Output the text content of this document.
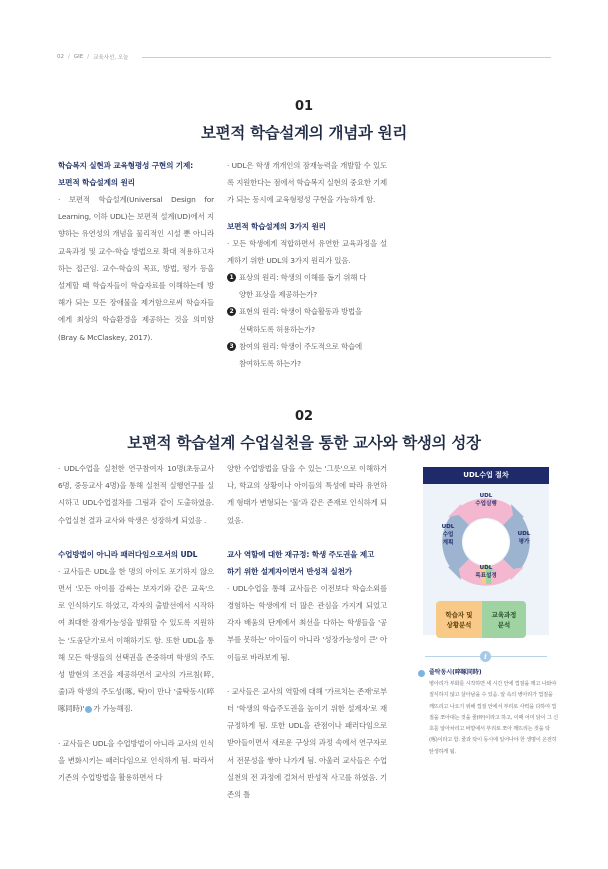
02 / GIE / 교육사선, 오늘
01
보편적 학습설계의 개념과 원리

학습복지 실현과 교육형평성 구현의 기제:

보편적 학습설계의 원리

· 보편적 학습설계(Universal Design for Learning, 이하 UDL)는 보편적 설계(UD)에서 지향하는 유연성의 개념을 물리적인 시설 뿐 아니라 교육과정 및 교수-학습 방법으로 확대 적용하고자 하는 접근임. 교수-학습의 목표, 방법, 평가 등을 설계할 때 학습자들이 학습자료를 이해하는데 방해가 되는 모든 장애물을 제거함으로써 학습자들에게 최상의 학습환경을 제공하는 것을 의미함(Bray & McClaskey, 2017).

· UDL은 학생 개개인의 잠재능력을 개발할 수 있도록 지원한다는 점에서 학습복지 실현의 중요한 기제가 되는 동시에 교육형평성 구현을 가능하게 함.

보편적 학습설계의 3가지 원리

· 모든 학생에게 적합하면서 유연한 교육과정을 설계하기 위한 UDL의 3가지 원리가 있음.

1 표상의 원리: 학생의 이해를 돕기 위해 다
양한 표상을 제공하는가?
2 표현의 원리: 학생이 학습활동과 방법을
선택하도록 허용하는가?
3 참여의 원리: 학생이 주도적으로 학습에
참여하도록 하는가?
02
보편적 학습설계 수업실천을 통한 교사와 학생의 성장

· UDL수업을 실천한 연구참여자 10명(초등교사 6명, 중등교사 4명)을 통해 실천적 실행연구를 실시하고 UDL수업절차를 그림과 같이 도출하였음. 수업실천 결과 교사와 학생은 성장하게 되었음 .

수업방법이 아니라 패러다임으로서의 UDL

· 교사들은 UDL을 한 명의 아이도 포기하지 않으면서 '모든 아이를 감싸는 보자기와 같은 교육'으로 인식하기도 하였고, 각자의 출발선에서 시작하여 최대한 잠재가능성을 발휘할 수 있도록 지원하는 '도움닫기'로서 이해하기도 함. 또한 UDL을 통해 모든 학생들의 선택권을 존중하며 학생의 주도성 발현의 조건을 제공하면서 교사의 가르침(啐, 줄)과 학생의 주도성(啄, 탁)이 만나 '줄탁동시(啐啄同時)' 가 가능해짐.

· 교사들은 UDL을 수업방법이 아니라 교사의 인식을 변화시키는 패러다임으로 인식하게 됨. 따라서 기존의 수업방법을 활용하면서 다

양한 수업방법을 담을 수 있는 '그릇'으로 이해하거나, 학교의 상황이나 아이들의 특성에 따라 유연하게 형태가 변형되는 '물'과 같은 존재로 인식하게 되었음.

교사 역할에 대한 재규정: 학생 주도권을 제고

하기 위한 설계자이면서 반성적 실천가

· UDL수업을 통해 교사들은 이전보다 학습소외를 경험하는 학생에게 더 많은 관심을 가지게 되었고 각자 배움의 단계에서 최선을 다하는 학생들을 '공부를 못하는' 아이들이 아니라 '성장가능성이 큰' 아이들로 바라보게 됨.

· 교사들은 교사의 역할에 대해 '가르치는 존재'로부터 '학생의 학습주도권을 높이기 위한 설계자'로 재규정하게 됨. 또한 UDL을 관점이나 패러다임으로 받아들이면서 새로운 구상의 과정 속에서 연구자로서 전문성을 쌓아 나가게 됨. 아울러 교사들은 수업실천의 전 과정에 걸쳐서 반성적 사고를 하였음. 기존의 틀

UDL수업 절차
UDL
수업실행
UDL
평가
UDL
목표설정
UDL
수업
계획
학습자 및
상황분석
교육과정
분석
i
줄탁동시(啐啄同時)
병아리가 부화를 시작하면 세 시간 안에 껍질을 깨고 나와야 질식하지 않고 살아남을 수 있음. 알 속의 병아리가 껍질을 깨뜨리고 나오기 위해 껍질 안에서 부리로 사력을 다하여 껍질을 쪼아대는 것을 줄(啐)이라고 하고, 이때 어미 닭이 그 신호를 알아차리고 바깥에서 부리로 쪼아 깨뜨리는 것을 탁(啄)이라고 함. 줄과 탁이 동시에 일어나야 한 생명이 온전히 탄생하게 됨.
